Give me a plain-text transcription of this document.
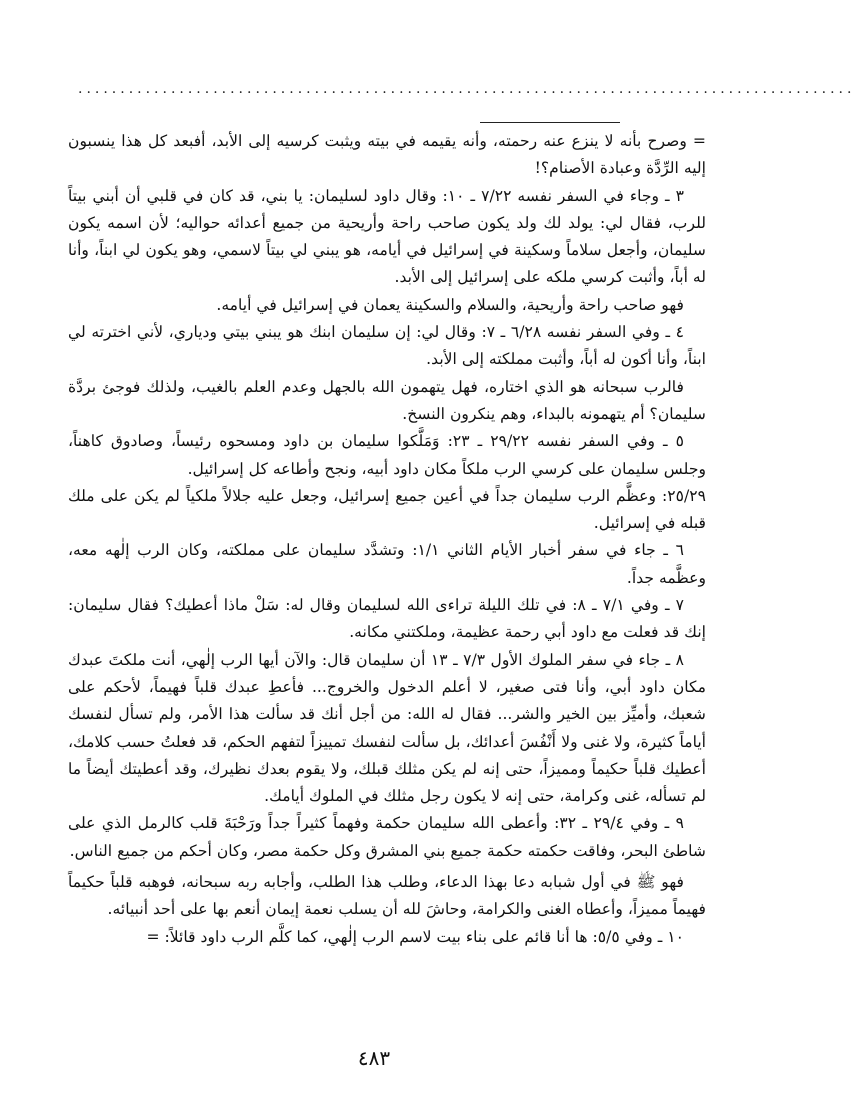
............................................................................................

= وصرح بأنه لا ينزع عنه رحمته، وأنه يقيمه في بيته ويثبت كرسيه إلى الأبد، أفبعد كل هذا ينسبون إليه الرِّدَّة وعبادة الأصنام؟!

٣ ـ وجاء في السفر نفسه ٧/٢٢ ـ ١٠: وقال داود لسليمان: يا بني، قد كان في قلبي أن أبني بيتاً للرب، فقال لي: يولد لك ولد يكون صاحب راحة وأريحية من جميع أعدائه حواليه؛ لأن اسمه يكون سليمان، وأجعل سلاماً وسكينة في إسرائيل في أيامه، هو يبني لي بيتاً لاسمي، وهو يكون لي ابناً، وأنا له أباً، وأثبت كرسي ملكه على إسرائيل إلى الأبد.

فهو صاحب راحة وأريحية، والسلام والسكينة يعمان في إسرائيل في أيامه.

٤ ـ وفي السفر نفسه ٦/٢٨ ـ ٧: وقال لي: إن سليمان ابنك هو يبني بيتي ودياري، لأني اخترته لي ابناً، وأنا أكون له أباً، وأثبت مملكته إلى الأبد.

فالرب سبحانه هو الذي اختاره، فهل يتهمون الله بالجهل وعدم العلم بالغيب، ولذلك فوجئ بردَّة سليمان؟ أم يتهمونه بالبداء، وهم ينكرون النسخ.

٥ ـ وفي السفر نفسه ٢٩/٢٢ ـ ٢٣: وَمَلَّكوا سليمان بن داود ومسحوه رئيساً، وصادوق كاهناً، وجلس سليمان على كرسي الرب ملكاً مكان داود أبيه، ونجح وأطاعه كل إسرائيل.

٢٥/٢٩: وعظَّم الرب سليمان جداً في أعين جميع إسرائيل، وجعل عليه جلالاً ملكياً لم يكن على ملك قبله في إسرائيل.

٦ ـ جاء في سفر أخبار الأيام الثاني ١/١: وتشدَّد سليمان على مملكته، وكان الرب إلٰهه معه، وعظَّمه جداً.

٧ ـ وفي ٧/١ ـ ٨: في تلك الليلة تراءى الله لسليمان وقال له: سَلْ ماذا أعطيك؟ فقال سليمان: إنك قد فعلت مع داود أبي رحمة عظيمة، وملكتني مكانه.

٨ ـ جاء في سفر الملوك الأول ٧/٣ ـ ١٣ أن سليمان قال: والآن أيها الرب إلٰهي، أنت ملكتَ عبدك مكان داود أبي، وأنا فتى صغير، لا أعلم الدخول والخروج... فأعطِ عبدك قلباً فهيماً، لأحكم على شعبك، وأميِّز بين الخير والشر... فقال له الله: من أجل أنك قد سألت هذا الأمر، ولم تسأل لنفسك أياماً كثيرة، ولا غنى ولا أَنْفُسَ أعدائك، بل سألت لنفسك تمييزاً لتفهم الحكم، قد فعلتُ حسب كلامك، أعطيك قلباً حكيماً ومميزاً، حتى إنه لم يكن مثلك قبلك، ولا يقوم بعدك نظيرك، وقد أعطيتك أيضاً ما لم تسأله، غنى وكرامة، حتى إنه لا يكون رجل مثلك في الملوك أيامك.

٩ ـ وفي ٢٩/٤ ـ ٣٢: وأعطى الله سليمان حكمة وفهماً كثيراً جداً ورَحْبَةَ قلب كالرمل الذي على شاطئ البحر، وفاقت حكمته حكمة جميع بني المشرق وكل حكمة مصر، وكان أحكم من جميع الناس.

فهو ﷺ في أول شبابه دعا بهذا الدعاء، وطلب هذا الطلب، وأجابه ربه سبحانه، فوهبه قلباً حكيماً فهيماً مميزاً، وأعطاه الغنى والكرامة، وحاشَ لله أن يسلب نعمة إيمان أنعم بها على أحد أنبيائه.

١٠ ـ وفي ٥/٥: ها أنا قائم على بناء بيت لاسم الرب إلٰهي، كما كلَّم الرب داود قائلاً: =

٤٨٣
